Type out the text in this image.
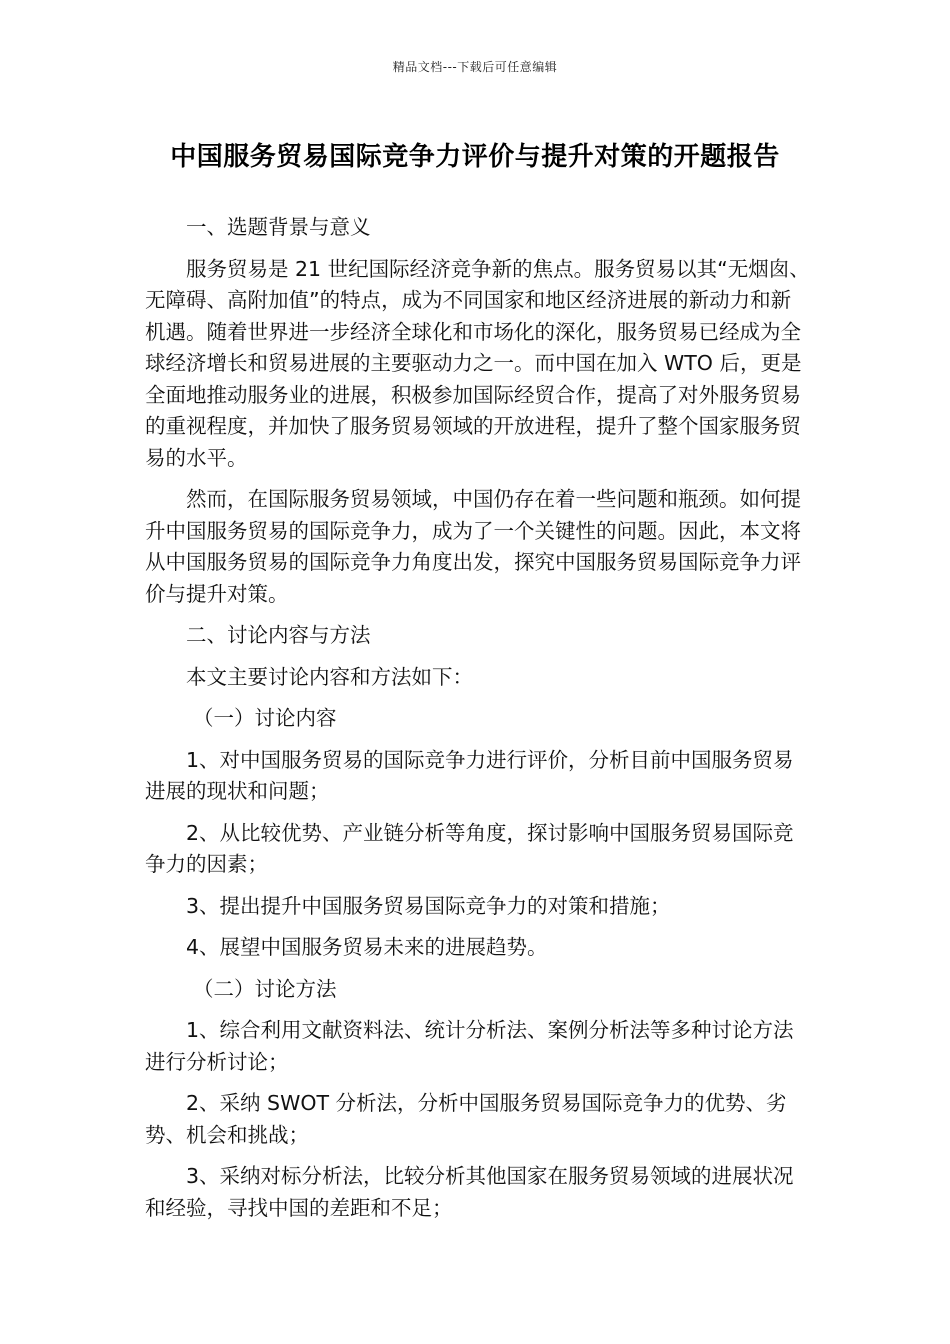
精品文档---下载后可任意编辑
中国服务贸易国际竞争力评价与提升对策的开题报告

一、选题背景与意义

服务贸易是 21 世纪国际经济竞争新的焦点。服务贸易以其“无烟囱、无障碍、高附加值”的特点，成为不同国家和地区经济进展的新动力和新机遇。随着世界进一步经济全球化和市场化的深化，服务贸易已经成为全球经济增长和贸易进展的主要驱动力之一。而中国在加入 WTO 后，更是全面地推动服务业的进展，积极参加国际经贸合作，提高了对外服务贸易的重视程度，并加快了服务贸易领域的开放进程，提升了整个国家服务贸易的水平。

然而，在国际服务贸易领域，中国仍存在着一些问题和瓶颈。如何提升中国服务贸易的国际竞争力，成为了一个关键性的问题。因此，本文将从中国服务贸易的国际竞争力角度出发，探究中国服务贸易国际竞争力评价与提升对策。

二、讨论内容与方法

本文主要讨论内容和方法如下：

（一）讨论内容

1、对中国服务贸易的国际竞争力进行评价，分析目前中国服务贸易进展的现状和问题；

2、从比较优势、产业链分析等角度，探讨影响中国服务贸易国际竞争力的因素；

3、提出提升中国服务贸易国际竞争力的对策和措施；

4、展望中国服务贸易未来的进展趋势。

（二）讨论方法

1、综合利用文献资料法、统计分析法、案例分析法等多种讨论方法进行分析讨论；

2、采纳 SWOT 分析法，分析中国服务贸易国际竞争力的优势、劣势、机会和挑战；

3、采纳对标分析法，比较分析其他国家在服务贸易领域的进展状况和经验，寻找中国的差距和不足；
